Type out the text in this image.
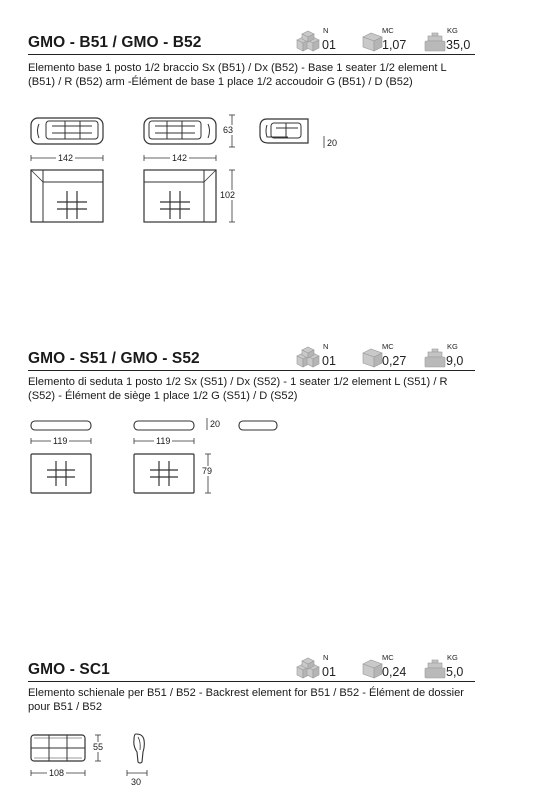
GMO - B51 / GMO - B52
N
01
MC
1,07
KG
35,0
Elemento base 1 posto 1/2 braccio Sx (B51) / Dx (B52) - Base 1 seater 1/2 element L (B51) / R (B52) arm -Élément de base 1 place 1/2 accoudoir G (B51) / D (B52)
63
20
142	142
102
GMO - S51 / GMO - S52
N
01
MC
0,27
KG
9,0
Elemento di seduta 1 posto 1/2 Sx (S51) / Dx (S52) - 1 seater 1/2 element L (S51) / R (S52) - Élément de siège 1 place 1/2 G (S51) / D (S52)
20
119	119
79
GMO - SC1
N
01
MC
0,24
KG
5,0
Elemento schienale per B51 / B52 - Backrest element for B51 / B52 - Élément de dossier pour B51 / B52
55
108
30
